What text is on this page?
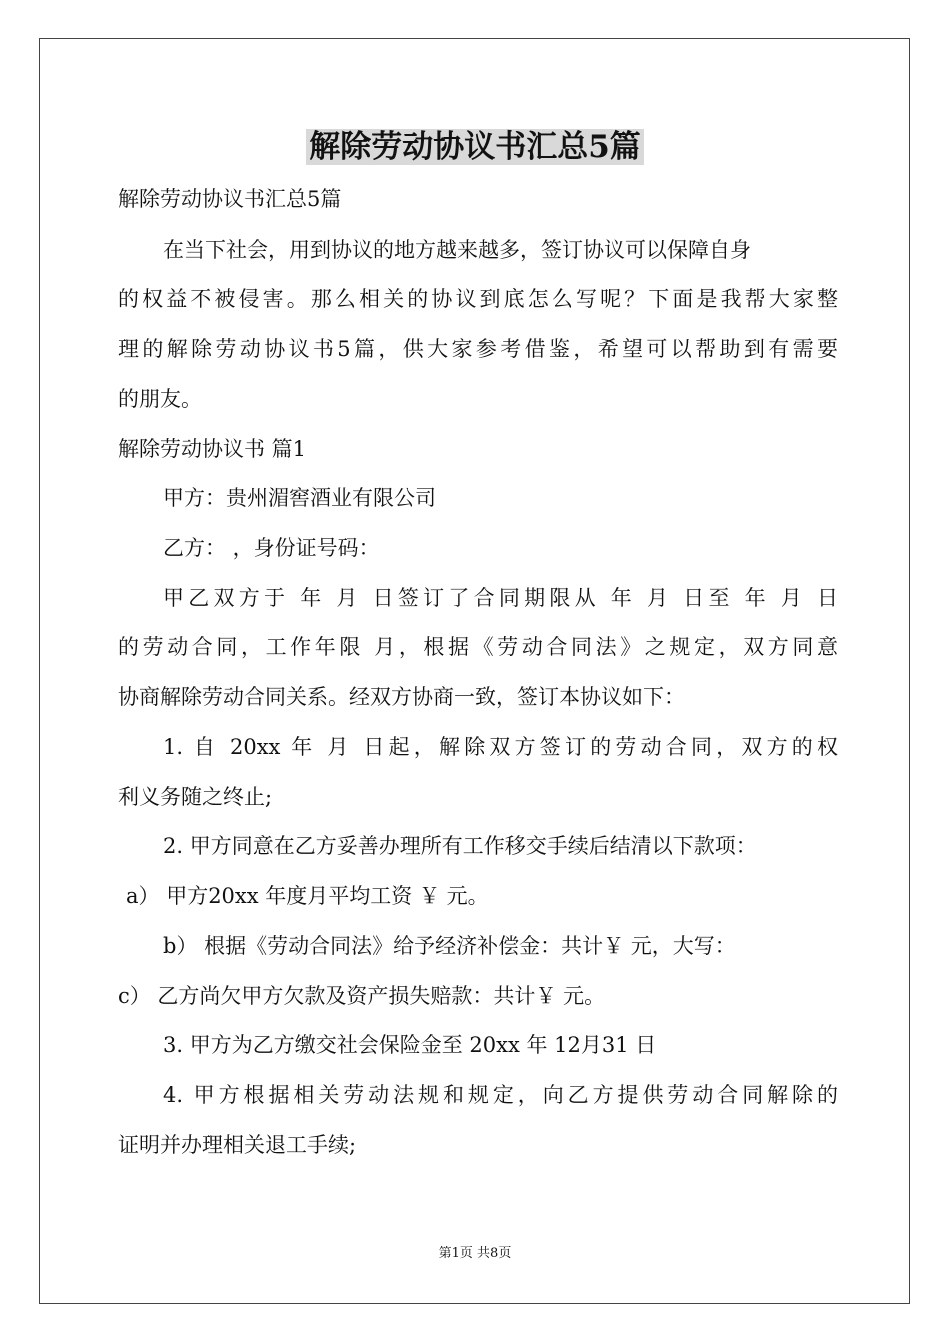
解除劳动协议书汇总5篇
解除劳动协议书汇总5篇
在当下社会，用到协议的地方越来越多，签订协议可以保障自身
的权益不被侵害。那么相关的协议到底怎么写呢？下面是我帮大家整
理的解除劳动协议书5篇，供大家参考借鉴，希望可以帮助到有需要
的朋友。
解除劳动协议书 篇1
甲方：贵州湄窖酒业有限公司
乙方： ，身份证号码：
甲乙双方于 年 月 日签订了合同期限从 年 月 日至 年 月 日
的劳动合同，工作年限 月，根据《劳动合同法》之规定，双方同意
协商解除劳动合同关系。经双方协商一致，签订本协议如下：
1. 自 20xx 年 月 日起，解除双方签订的劳动合同，双方的权
利义务随之终止;
2. 甲方同意在乙方妥善办理所有工作移交手续后结清以下款项：
a） 甲方20xx 年度月平均工资 ￥ 元。
b） 根据《劳动合同法》给予经济补偿金：共计￥ 元，大写：
c） 乙方尚欠甲方欠款及资产损失赔款：共计￥ 元。
3. 甲方为乙方缴交社会保险金至 20xx 年 12月31 日
4. 甲方根据相关劳动法规和规定，向乙方提供劳动合同解除的
证明并办理相关退工手续;
第1页 共8页
